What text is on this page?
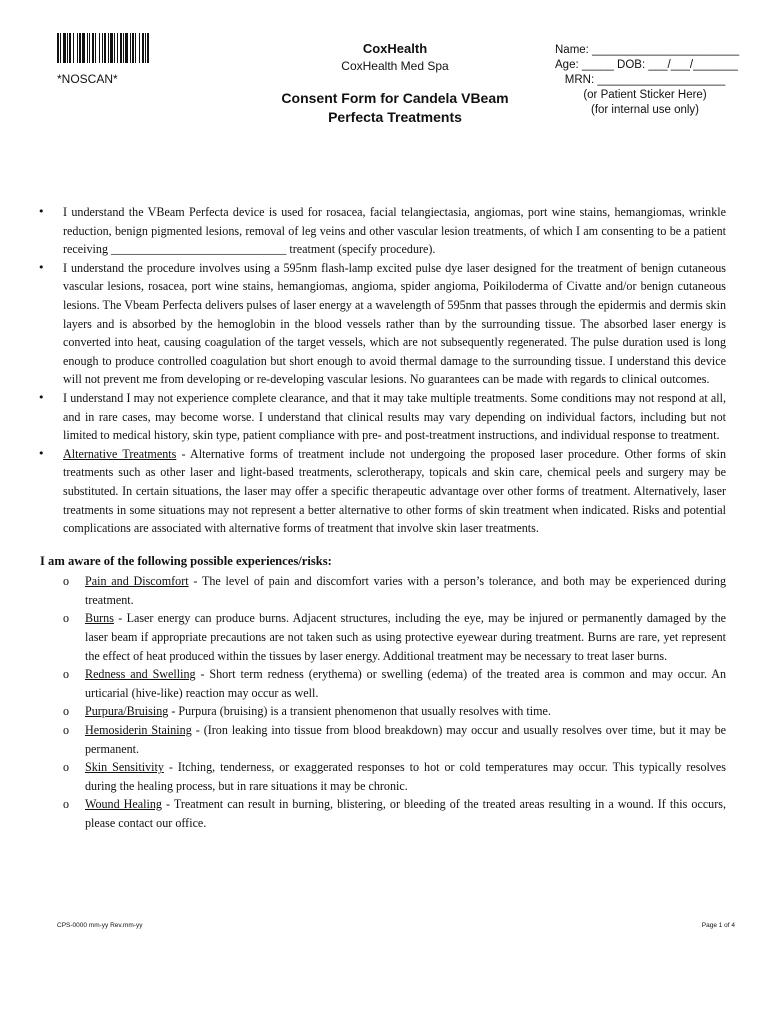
*NOSCAN*
CoxHealth
CoxHealth Med Spa
Consent Form for Candela VBeam
Perfecta Treatments
Name: _______________________
Age: _____ DOB: ___/___/_______
MRN: ____________________
(or Patient Sticker Here)
(for internal use only)
• I understand the VBeam Perfecta device is used for rosacea, facial telangiectasia, angiomas, port wine stains, hemangiomas, wrinkle reduction, benign pigmented lesions, removal of leg veins and other vascular lesion treatments, of which I am consenting to be a patient receiving _____________________________ treatment (specify procedure).
• I understand the procedure involves using a 595nm flash-lamp excited pulse dye laser designed for the treatment of benign cutaneous vascular lesions, rosacea, port wine stains, hemangiomas, angioma, spider angioma, Poikiloderma of Civatte and/or benign cutaneous lesions. The Vbeam Perfecta delivers pulses of laser energy at a wavelength of 595nm that passes through the epidermis and dermis skin layers and is absorbed by the hemoglobin in the blood vessels rather than by the surrounding tissue. The absorbed laser energy is converted into heat, causing coagulation of the target vessels, which are not subsequently regenerated. The pulse duration used is long enough to produce controlled coagulation but short enough to avoid thermal damage to the surrounding tissue. I understand this device will not prevent me from developing or re-developing vascular lesions. No guarantees can be made with regards to clinical outcomes.
• I understand I may not experience complete clearance, and that it may take multiple treatments. Some conditions may not respond at all, and in rare cases, may become worse. I understand that clinical results may vary depending on individual factors, including but not limited to medical history, skin type, patient compliance with pre- and post-treatment instructions, and individual response to treatment.
• Alternative Treatments - Alternative forms of treatment include not undergoing the proposed laser procedure. Other forms of skin treatments such as other laser and light-based treatments, sclerotherapy, topicals and skin care, chemical peels and surgery may be substituted. In certain situations, the laser may offer a specific therapeutic advantage over other forms of treatment. Alternatively, laser treatments in some situations may not represent a better alternative to other forms of skin treatment when indicated. Risks and potential complications are associated with alternative forms of treatment that involve skin laser treatments.
I am aware of the following possible experiences/risks:
o Pain and Discomfort - The level of pain and discomfort varies with a person’s tolerance, and both may be experienced during treatment.
o Burns - Laser energy can produce burns. Adjacent structures, including the eye, may be injured or permanently damaged by the laser beam if appropriate precautions are not taken such as using protective eyewear during treatment. Burns are rare, yet represent the effect of heat produced within the tissues by laser energy. Additional treatment may be necessary to treat laser burns.
o Redness and Swelling - Short term redness (erythema) or swelling (edema) of the treated area is common and may occur. An urticarial (hive-like) reaction may occur as well.
o Purpura/Bruising - Purpura (bruising) is a transient phenomenon that usually resolves with time.
o Hemosiderin Staining - (Iron leaking into tissue from blood breakdown) may occur and usually resolves over time, but it may be permanent.
o Skin Sensitivity - Itching, tenderness, or exaggerated responses to hot or cold temperatures may occur. This typically resolves during the healing process, but in rare situations it may be chronic.
o Wound Healing - Treatment can result in burning, blistering, or bleeding of the treated areas resulting in a wound. If this occurs, please contact our office.
CPS-0000 mm-yy Rev.mm-yy	Page 1 of 4
